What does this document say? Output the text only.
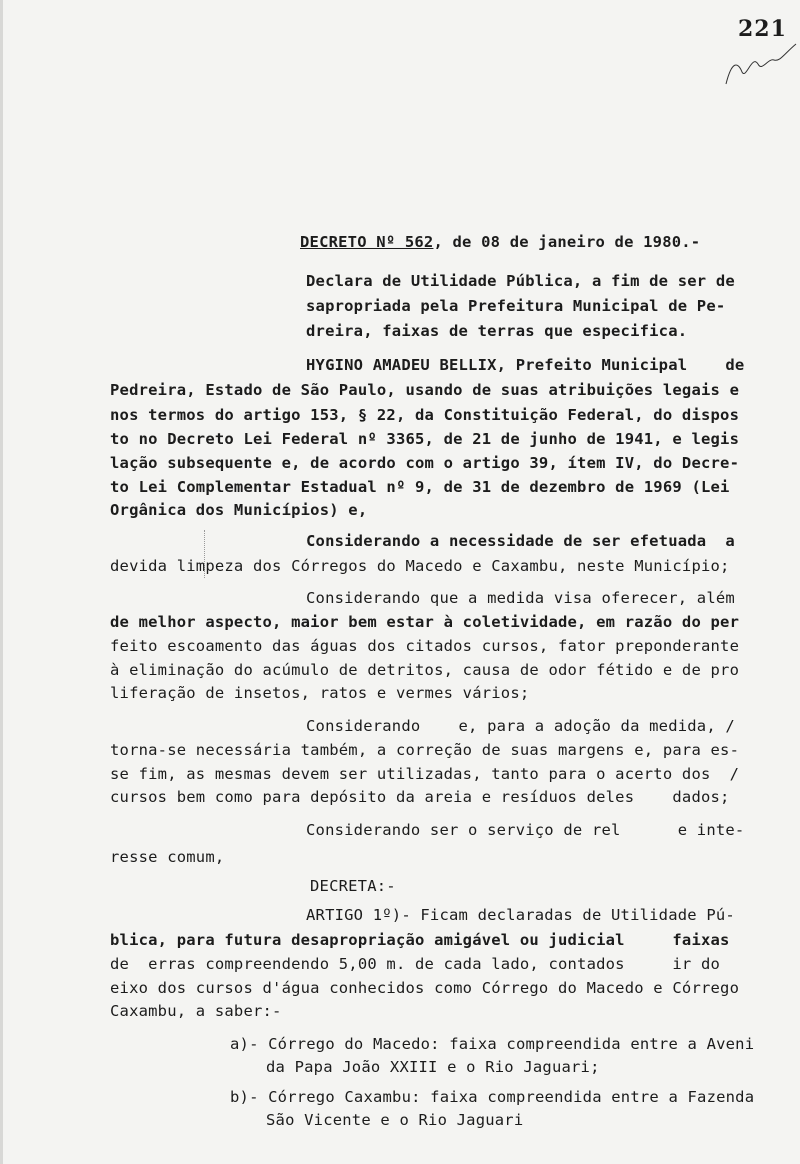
221
DECRETO Nº 562, de 08 de janeiro de 1980.-
Declara de Utilidade Pública, a fim de ser de
sapropriada pela Prefeitura Municipal de Pe-
dreira, faixas de terras que especifica.
HYGINO AMADEU BELLIX, Prefeito Municipal    de
Pedreira, Estado de São Paulo, usando de suas atribuições legais e
nos termos do artigo 153, § 22, da Constituição Federal, do dispos
to no Decreto Lei Federal nº 3365, de 21 de junho de 1941, e legis
lação subsequente e, de acordo com o artigo 39, ítem IV, do Decre-
to Lei Complementar Estadual nº 9, de 31 de dezembro de 1969 (Lei
Orgânica dos Municípios) e,
Considerando a necessidade de ser efetuada  a
devida limpeza dos Córregos do Macedo e Caxambu, neste Município;
Considerando que a medida visa oferecer, além
de melhor aspecto, maior bem estar à coletividade, em razão do per
feito escoamento das águas dos citados cursos, fator preponderante
à eliminação do acúmulo de detritos, causa de odor fétido e de pro
liferação de insetos, ratos e vermes vários;
Considerando    e, para a adoção da medida, /
torna-se necessária também, a correção de suas margens e, para es-
se fim, as mesmas devem ser utilizadas, tanto para o acerto dos  /
cursos bem como para depósito da areia e resíduos deles    dados;
Considerando ser o serviço de rel      e inte-
resse comum,
DECRETA:-
ARTIGO 1º)- Ficam declaradas de Utilidade Pú-
blica, para futura desapropriação amigável ou judicial     faixas
de  erras compreendendo 5,00 m. de cada lado, contados     ir do
eixo dos cursos d'água conhecidos como Córrego do Macedo e Córrego
Caxambu, a saber:-
a)- Córrego do Macedo: faixa compreendida entre a Aveni
da Papa João XXIII e o Rio Jaguari;
b)- Córrego Caxambu: faixa compreendida entre a Fazenda
São Vicente e o Rio Jaguari
